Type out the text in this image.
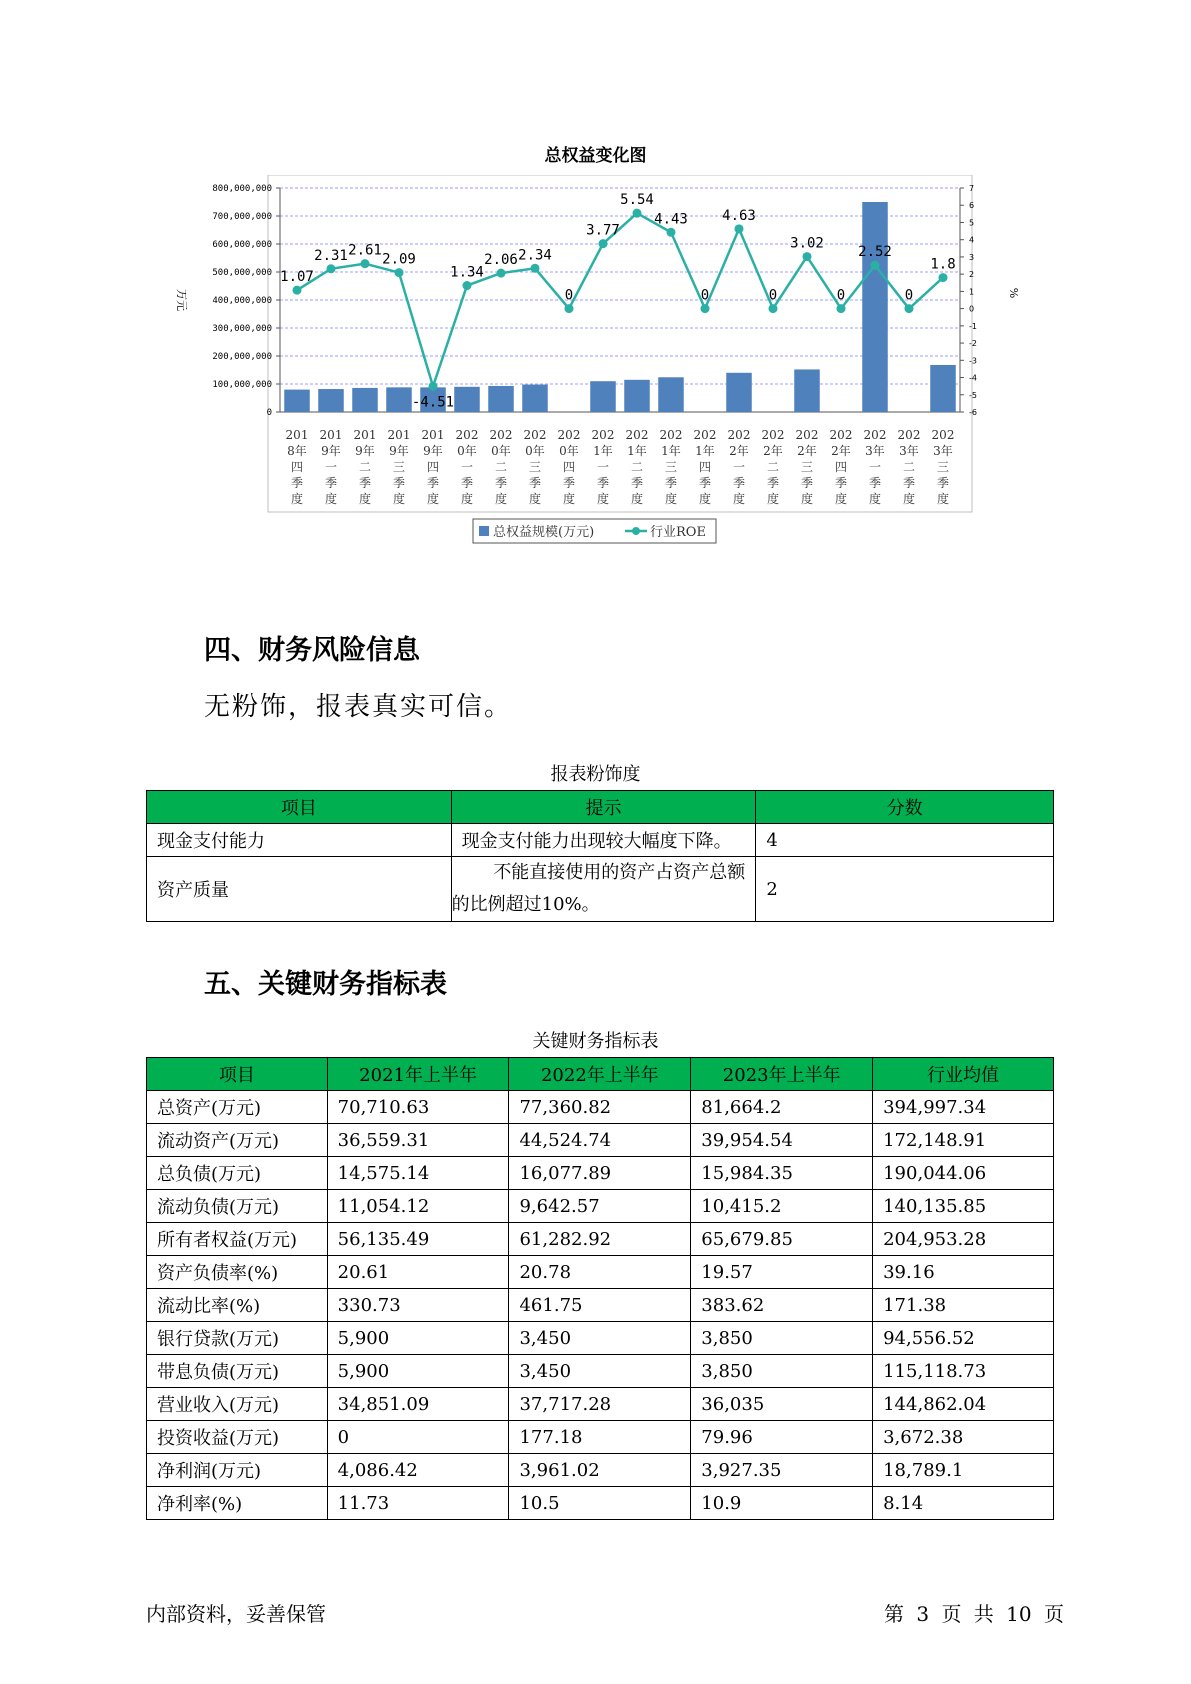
总权益变化图
0
100,000,000
200,000,000
300,000,000
400,000,000
500,000,000
600,000,000
700,000,000
800,000,000
-6
-5
-4
-3
-2
-1
0
1
2
3
4
5
6
7
万元	%
201
8年
四
季
度
201
9年
一
季
度
201
9年
二
季
度
201
9年
三
季
度
201
9年
四
季
度
202
0年
一
季
度
202
0年
二
季
度
202
0年
三
季
度
202
0年
四
季
度
202
1年
一
季
度
202
1年
二
季
度
202
1年
三
季
度
202
1年
四
季
度
202
2年
一
季
度
202
2年
二
季
度
202
2年
三
季
度
202
2年
四
季
度
202
3年
一
季
度
202
3年
二
季
度
202
3年
三
季
度
1.07
2.31 2.61
2.09
-4.51
1.34
2.06 2.34
0
3.77
5.54
4.43
0
4.63
0
3.02
0
2.52
0
1.8
总权益规模(万元)	行业ROE
四、财务风险信息
无粉饰，报表真实可信。
报表粉饰度
项目	提示	分数
现金支付能力	现金支付能力出现较大幅度下降。	4
资产质量	不能直接使用的资产占资产总额
的比例超过10%。	2
五、关键财务指标表
关键财务指标表
项目	2021年上半年	2022年上半年	2023年上半年	行业均值
总资产(万元)	70,710.63	77,360.82	81,664.2	394,997.34
流动资产(万元)	36,559.31	44,524.74	39,954.54	172,148.91
总负债(万元)	14,575.14	16,077.89	15,984.35	190,044.06
流动负债(万元)	11,054.12	9,642.57	10,415.2	140,135.85
所有者权益(万元)	56,135.49	61,282.92	65,679.85	204,953.28
资产负债率(%)	20.61	20.78	19.57	39.16
流动比率(%)	330.73	461.75	383.62	171.38
银行贷款(万元)	5,900	3,450	3,850	94,556.52
带息负债(万元)	5,900	3,450	3,850	115,118.73
营业收入(万元)	34,851.09	37,717.28	36,035	144,862.04
投资收益(万元)	0	177.18	79.96	3,672.38
净利润(万元)	4,086.42	3,961.02	3,927.35	18,789.1
净利率(%)	11.73	10.5	10.9	8.14
内部资料，妥善保管	第 3 页 共 10 页
